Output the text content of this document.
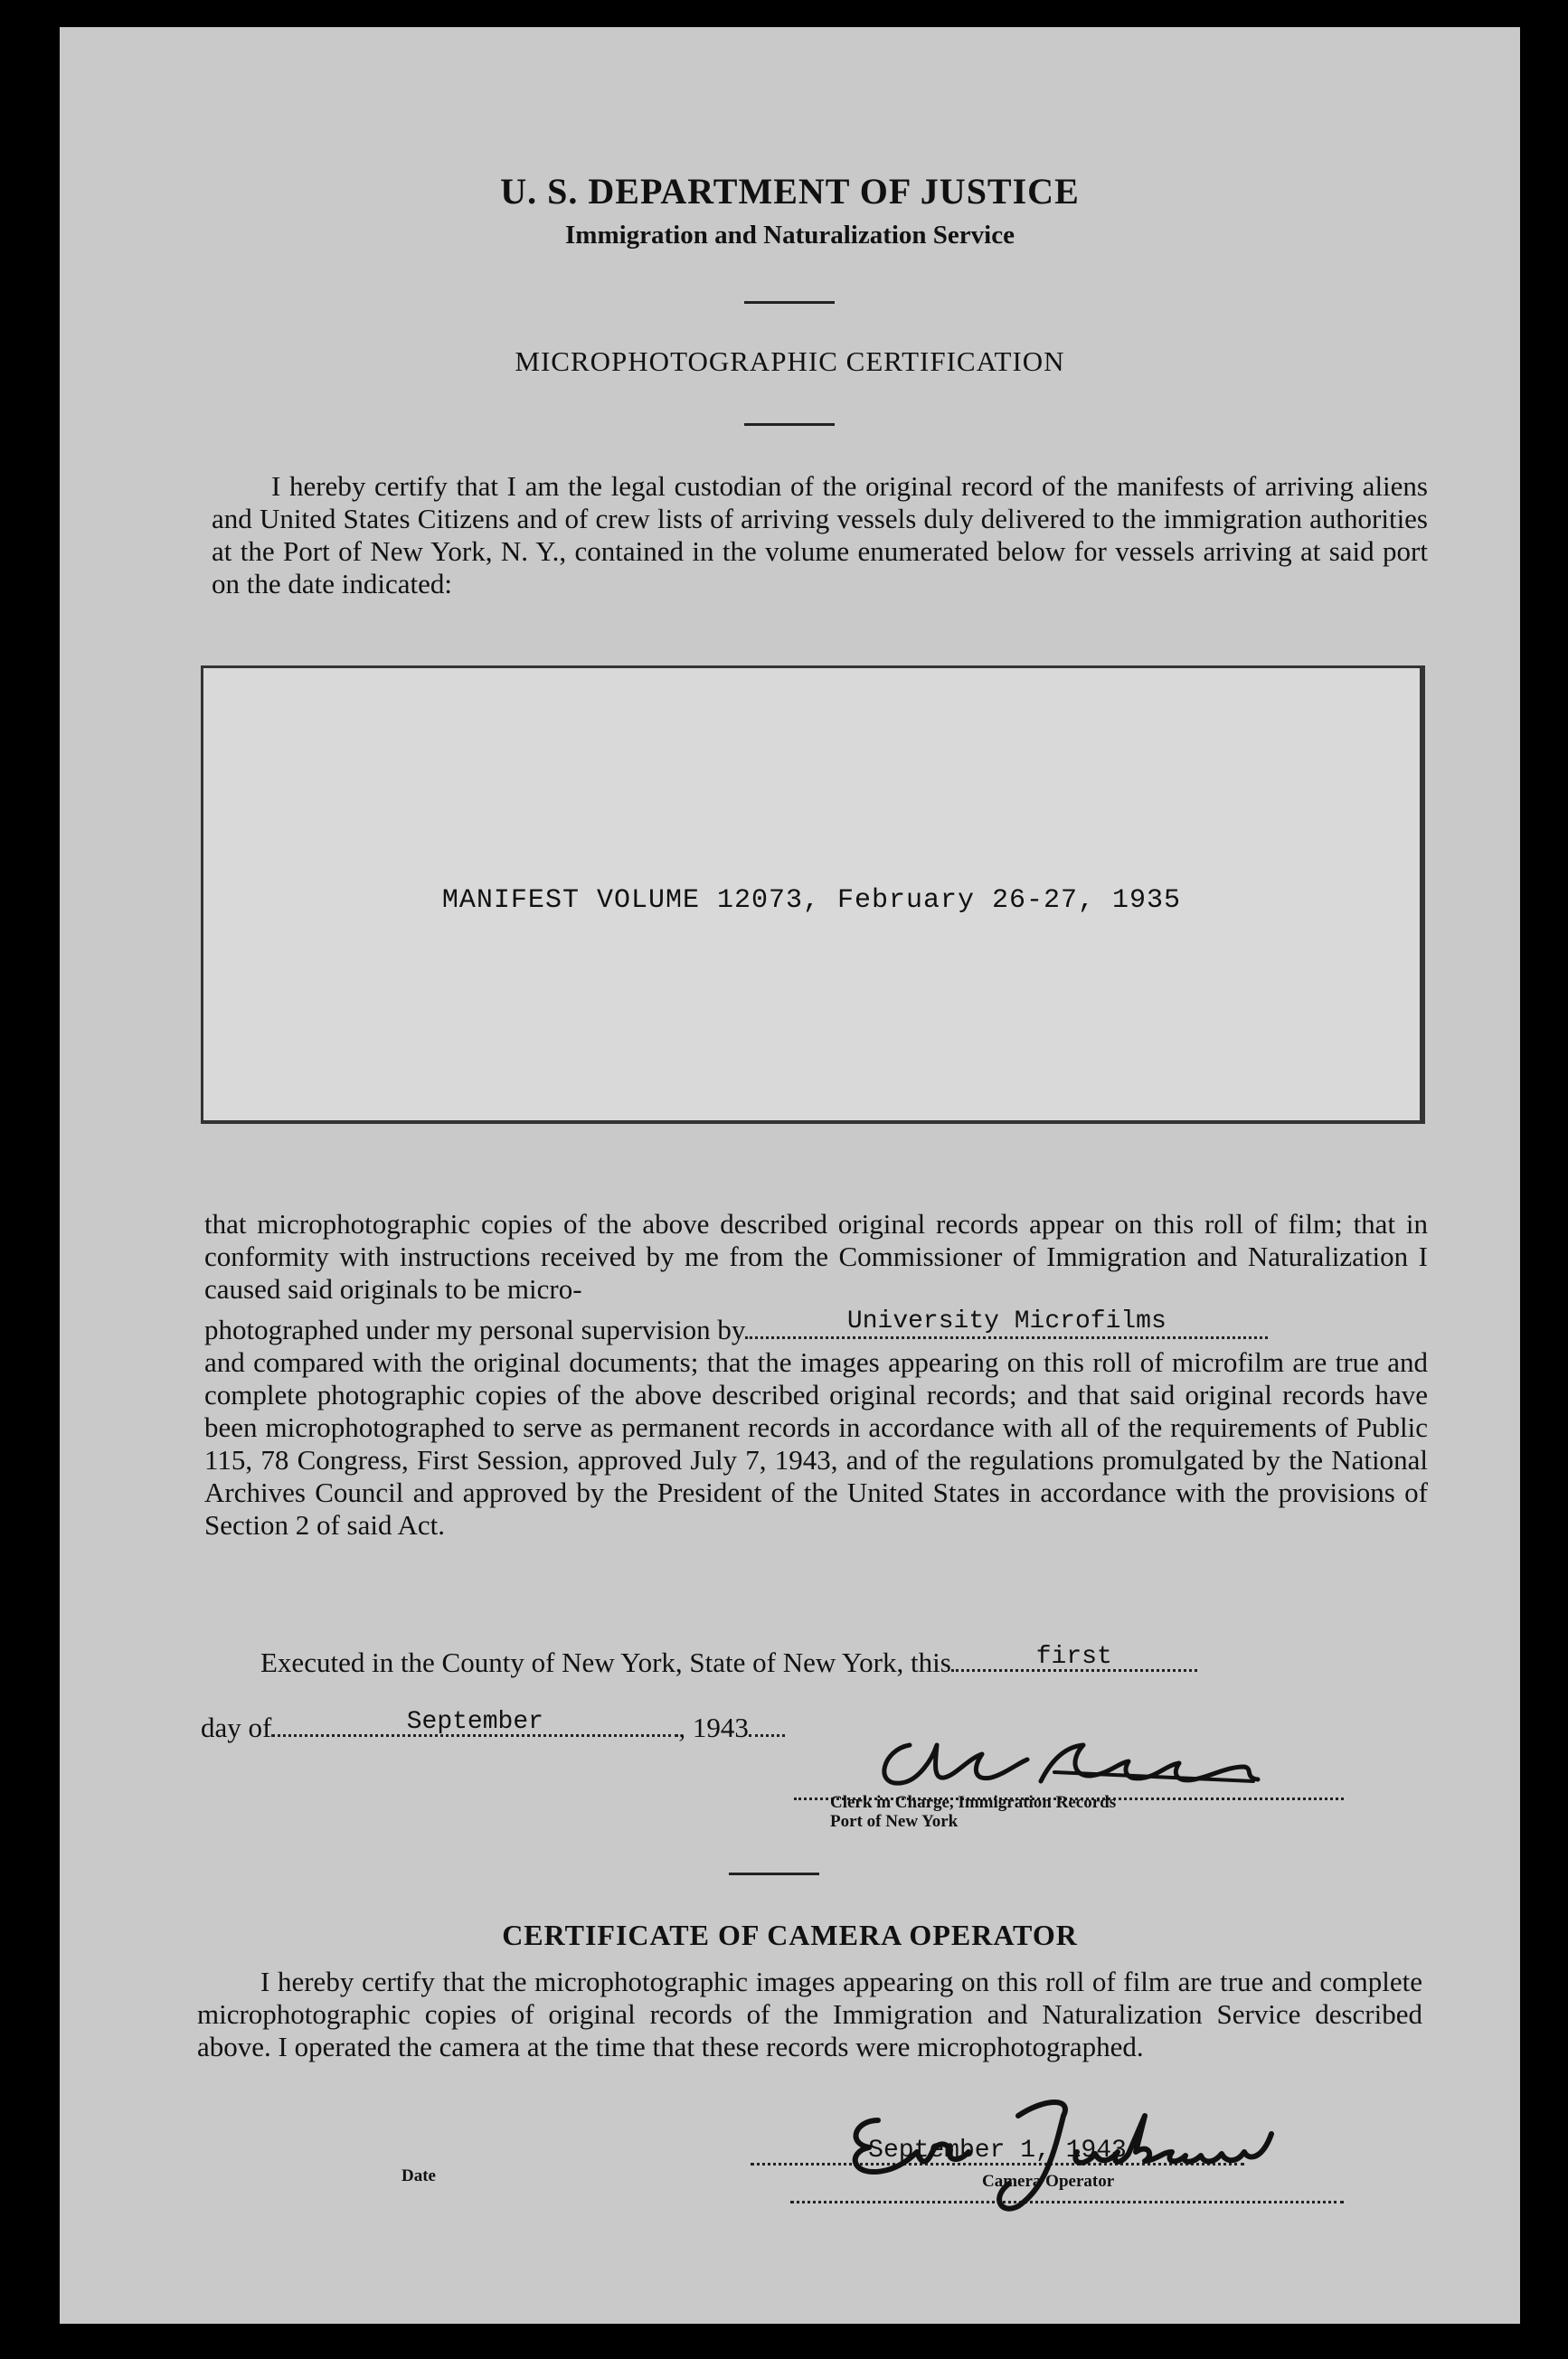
U. S. DEPARTMENT OF JUSTICE
Immigration and Naturalization Service
MICROPHOTOGRAPHIC CERTIFICATION
I hereby certify that I am the legal custodian of the original record of the manifests of arriving aliens and United States Citizens and of crew lists of arriving vessels duly delivered to the immigration authorities at the Port of New York, N. Y., contained in the volume enumerated below for vessels arriving at said port on the date indicated:
MANIFEST VOLUME 12073, February 26-27, 1935

that microphotographic copies of the above described original records appear on this roll of film; that in conformity with instructions received by me from the Commissioner of Immigration and Naturalization I caused said originals to be micro-

photographed under my personal supervision by	University Microfilms

and compared with the original documents; that the images appearing on this roll of microfilm are true and complete photographic copies of the above described original records; and that said original records have been microphotographed to serve as permanent records in accordance with all of the requirements of Public 115, 78 Congress, First Session, approved July 7, 1943, and of the regulations promulgated by the National Archives Council and approved by the President of the United States in accordance with the provisions of Section 2 of said Act.

Executed in the County of New York, State of New York, this	first
day of	September	, 1943

Clerk in Charge, Immigration Records
Port of New York
CERTIFICATE OF CAMERA OPERATOR
I hereby certify that the microphotographic images appearing on this roll of film are true and complete microphotographic copies of original records of the Immigration and Naturalization Service described above. I operated the camera at the time that these records were microphotographed.
September 1, 1943

Date	Camera Operator
